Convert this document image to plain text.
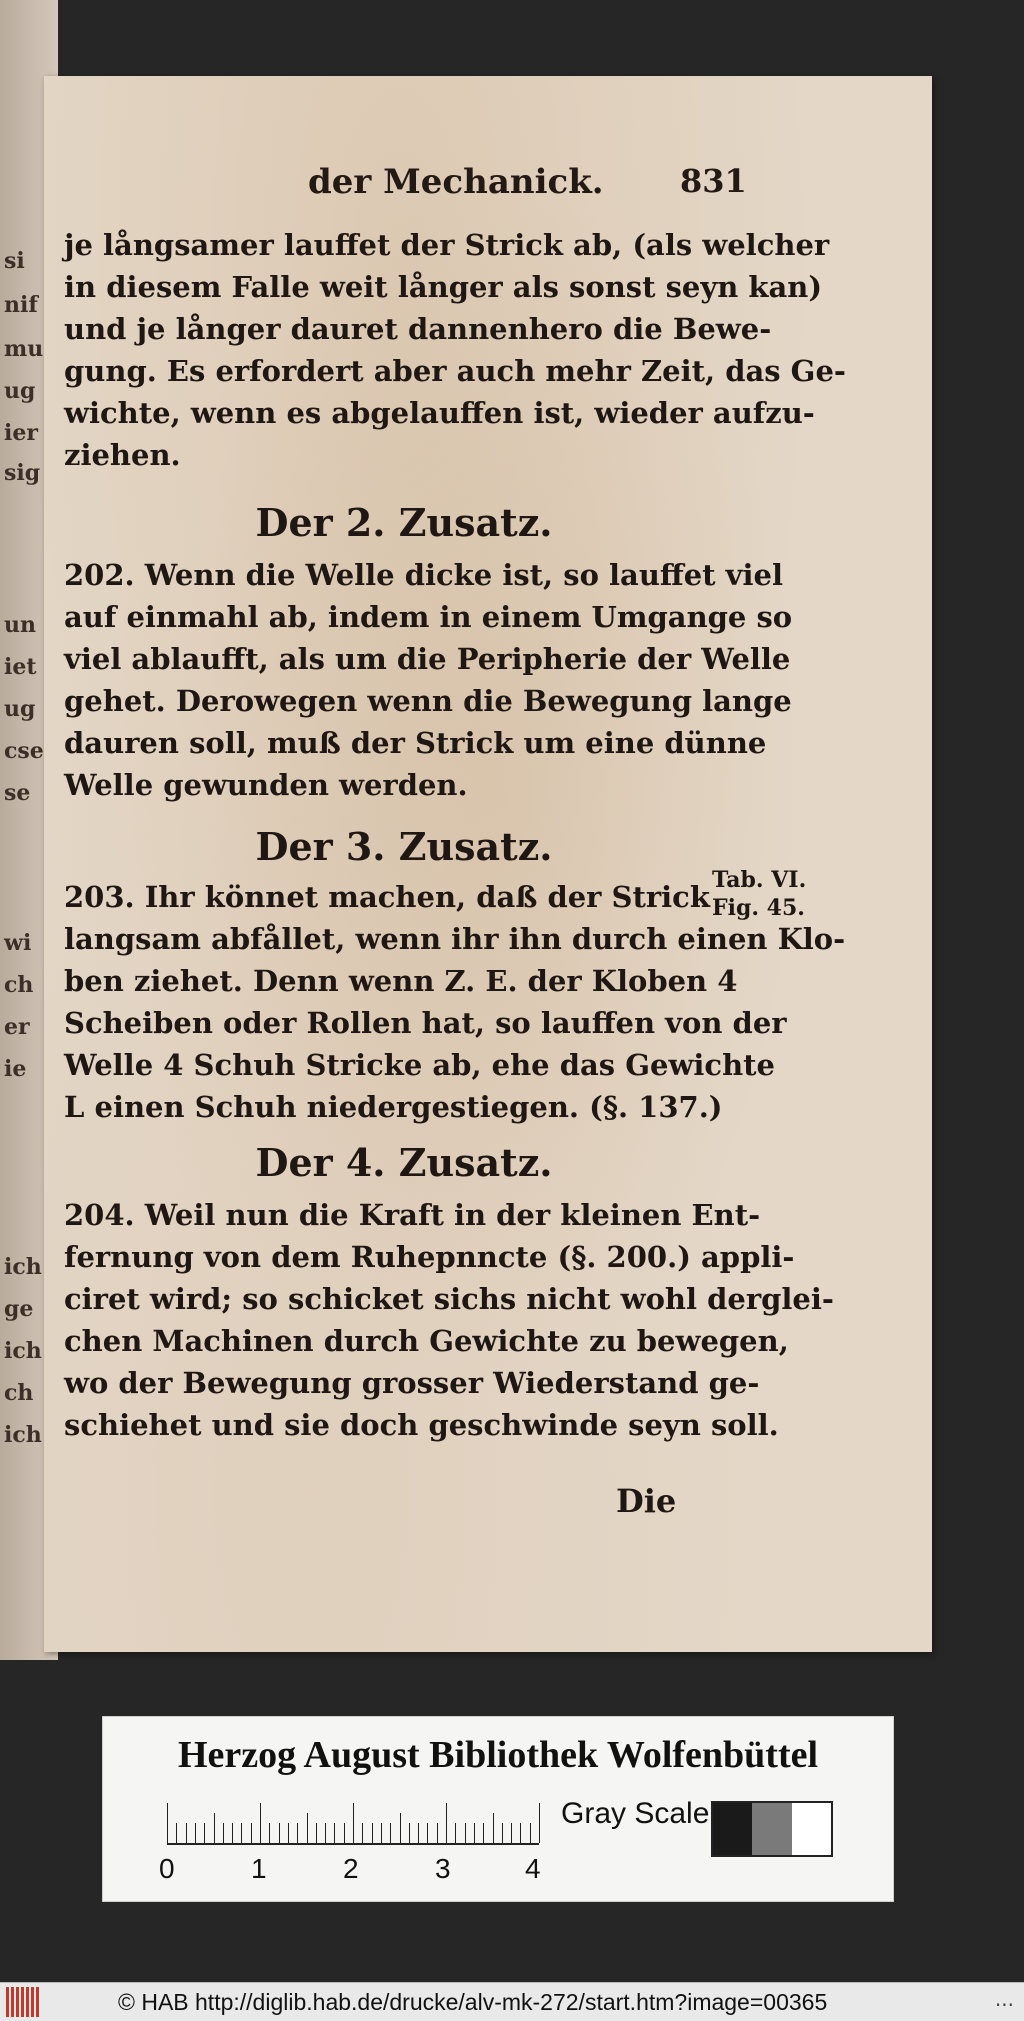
si
nif
mu
ug
ier
sig
un
iet
ug
cse
se
wi
ch
er
ie
ich
ge
ich
ch
ich
der Mechanick. 831
je långsamer lauffet der Strick ab, (als welcher
in diesem Falle weit långer als sonst seyn kan)
und je långer dauret dannenhero die Bewe-
gung. Es erfordert aber auch mehr Zeit, das Ge-
wichte, wenn es abgelauffen ist, wieder aufzu-
ziehen.
Der 2. Zusatz.
202. Wenn die Welle dicke ist, so lauffet viel
auf einmahl ab, indem in einem Umgange so
viel ablaufft, als um die Peripherie der Welle
gehet. Derowegen wenn die Bewegung lange
dauren soll, muß der Strick um eine dünne
Welle gewunden werden.
Der 3. Zusatz.
203. Ihr könnet machen, daß der Strick
langsam abfållet, wenn ihr ihn durch einen Klo-
ben ziehet. Denn wenn Z. E. der Kloben 4
Scheiben oder Rollen hat, so lauffen von der
Welle 4 Schuh Stricke ab, ehe das Gewichte
L einen Schuh niedergestiegen. (§. 137.)
Der 4. Zusatz.
204. Weil nun die Kraft in der kleinen Ent-
fernung von dem Ruhepnncte (§. 200.) appli-
ciret wird; so schicket sichs nicht wohl derglei-
chen Machinen durch Gewichte zu bewegen,
wo der Bewegung grosser Wiederstand ge-
schiehet und sie doch geschwinde seyn soll.
Tab. VI.
Fig. 45.
Die
Herzog August Bibliothek Wolfenbüttel
0	1	2	3	4
Gray Scale
© HAB http://diglib.hab.de/drucke/alv-mk-272/start.htm?image=00365	...
